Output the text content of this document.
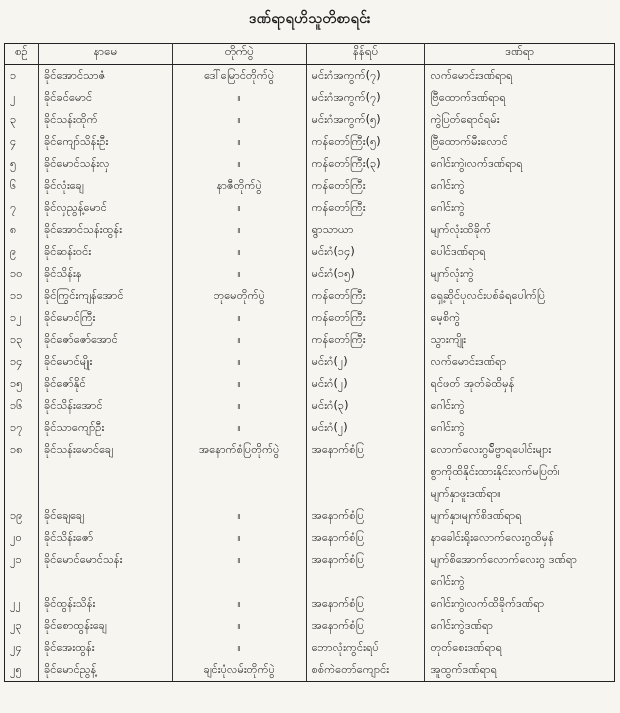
ဒဏ်ရာရဟိသူတိစာရင်း
စဉ်	နာမေ	တိုက်ပွဲ	နိန်ရပ်	ဒဏ်ရာ
၁	ခိုင်အောင်သာဇံ	ဒေါ်မြောင်တိုက်ပွဲ	မင်းဂံအကွက်(၇)	လက်မောင်းဒဏ်ရာရ

၂	ခိုင်ခင်မောင်	။	မင်းဂံအကွက်(၇)	ဗြီထောက်ဒဏ်ရာရ

၃	ခိုင်သန်းထိုက်	။	မင်းဂံအကွက်(၅)	ကွဲပြတ်ရောင်ရမ်း

၄	ခိုင်ကျော်သိန်းဦး	။	ကန်တော်ကြီး(၅)	ဗြီထောက်မီးလောင်

၅	ခိုင်မောင်သန်းလှ	။	ကန်တော်ကြီး(၃)	ဂေါင်းကွဲ၊လက်ဒဏ်ရာရ

၆	ခိုင်လုံးချေ	နာဇီတိုက်ပွဲ	ကန်တော်ကြီး	ဂေါင်းကွဲ

၇	ခိုင်လှညွန့်မောင်	။	ကန်တော်ကြီး	ဂေါင်းကွဲ

၈	ခိုင်အောင်သန်းထွန်း	။	ရွာသာယာ	မျက်လုံးထိခိုက်

၉	ခိုင်ဆန်းဝင်း	။	မင်းဂံ(၁၄)	ပေါင်ဒဏ်ရာရ

၁၀	ခိုင်သိန်းန	။	မင်းဂံ(၁၅)	မျက်လုံးကွဲ

၁၁	ခိုင်ကြွင်းကျန်အောင်	ဘုမေတိုက်ပွဲ	ကန်တော်ကြီး	ရှေ့ဆိုင်ပုလင်းပစ်ခံရပေါက်ပြဲ

၁၂	ခိုင်မောင်ကြီး	။	ကန်တော်ကြီး	မေ့စိကွဲ

၁၃	ခိုင်ဇော်ဇော်အောင်	။	ကန်တော်ကြီး	သွားကျိုး

၁၄	ခိုင်မောင်မျိုး	။	မင်းဂံ(၂)	လက်မောင်းဒဏ်ရာ

၁၅	ခိုင်ဇော်နိုင်	။	မင်းဂံ(၂)	ရင်ဖတ် အုတ်ခဲထိမှန်

၁၆	ခိုင်သိန်းအောင်	။	မင်းဂံ(၃)	ဂေါင်းကွဲ

၁၇	ခိုင်သာကျော်ဦး	။	မင်းဂံ(၂)	ဂေါင်းကွဲ

၁၈	ခိုင်သန်းမောင်ချေ	အနောက်စံပြတိုက်ပွဲ	အနောက်စံပြ	လောက်လေးဂွမ်ိဗ္ဗာရပေါင်းများ
စွာကိုထိနိုင်းထားနိုင်းလက်မပြတ်၊
မျက်နှာဖူးဒဏ်ရာ။

၁၉	ခိုင်ချေချေ	။	အနောက်စံပြ	မျက်နှာ၊မျက်စိဒဏ်ရာရ

၂၀	ခိုင်သိန်းဇော်	။	အနောက်စံပြ	နာခေါင်းရိုးလောက်လေးဂွထိမှန်

၂၁	ခိုင်မောင်မောင်သန်း	။	အနောက်စံပြ	မျက်စိအောက်လောက်လေးဂွ ဒဏ်ရာ
ဂေါင်းကွဲ

၂၂	ခိုင်ထွန်းသိန်း	။	အနောက်စံပြ	ဂေါင်းကွဲ၊လက်ထိခိုက်ဒဏ်ရာ

၂၃	ခိုင်စောထွန်းချေ	။	အနောက်စံပြ	ဂေါင်းကွဲဒဏ်ရာ

၂၄	ခိုင်အေးထွန်း	။	ဘောလုံးကွင်းရပ်	တုတ်စေးဒဏ်ရာရ

၂၅	ခိုင်မောင်ညွန့်	ချင်းပုံလမ်းတိုက်ပွဲ	စစ်ကဲတော်ကျောင်း	အူထွက်ဒဏ်ရာရ
